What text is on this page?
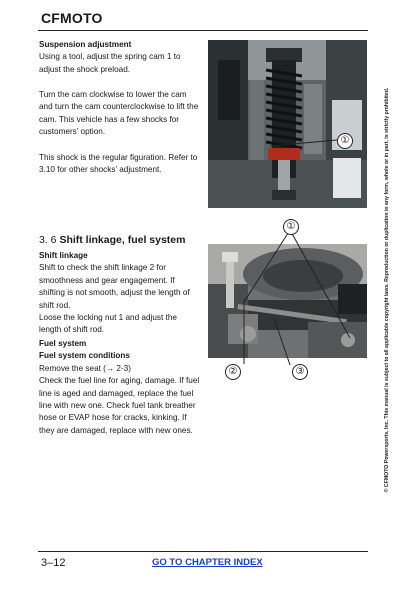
CFMOTO

Suspension adjustment

Using a tool, adjust the spring cam 1 to adjust the shock preload.

Turn the cam clockwise to lower the cam and turn the cam counterclockwise to lift the cam. This vehicle has a few shocks for customers’ option.

This shock is the regular figuration. Refer to 3.10 for other shocks’ adjustment.

3. 6 Shift linkage, fuel system

Shift linkage

Shift to check the shift linkage 2 for smoothness and gear engagement. If shifting is not smooth, adjust the length of shift rod.

Loose the locking nut 1 and adjust the length of shift rod.

Fuel system

Fuel system conditions

Remove the seat (→ 2-3)

Check the fuel line for aging, damage. If fuel line is aged and damaged, replace the fuel line with new one. Check fuel tank breather hose or EVAP hose for cracks, kinking. If they are damaged, replace with new ones.

①
①
②	③	© CFMOTO Powersports, Inc. This manual is subject to all applicable copyright laws. Reproduction or duplication in any form, whole or in part, is strictly prohibited.
3–12	GO TO CHAPTER INDEX
